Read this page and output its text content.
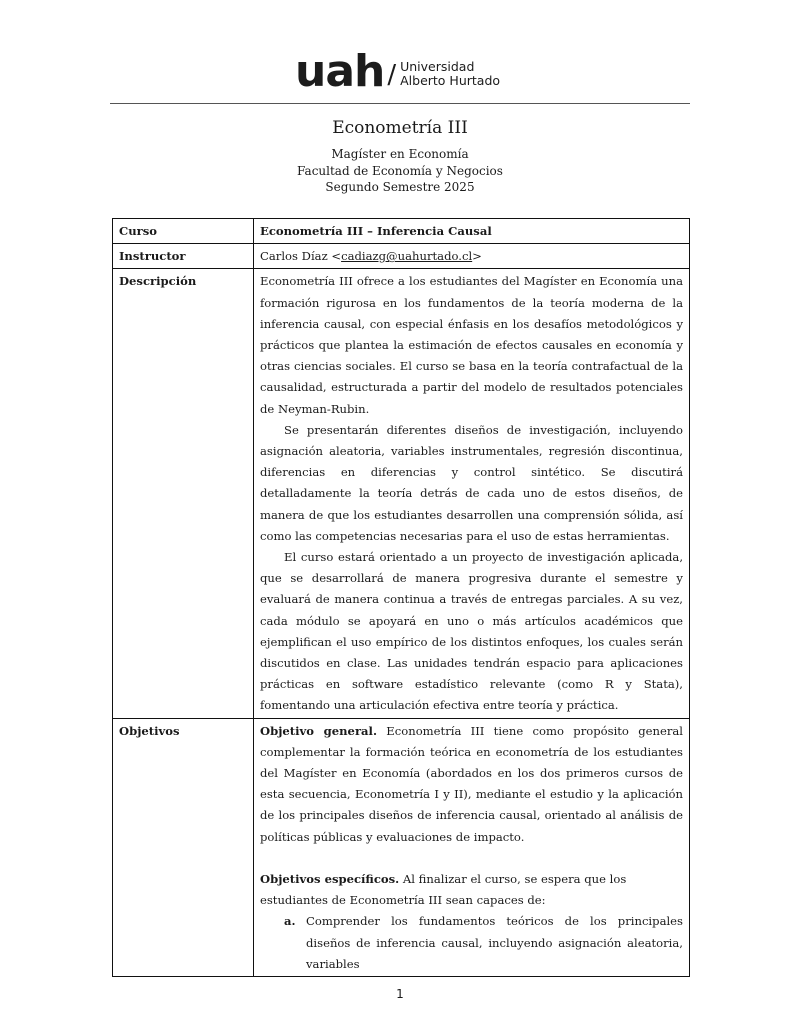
uah / Universidad
Alberto Hurtado
Econometría III
Magíster en Economía
Facultad de Economía y Negocios
Segundo Semestre 2025
Curso	Econometría III – Inferencia Causal
Instructor	Carlos Díaz <cadiazg@uahurtado.cl>
Descripción	Econometría III ofrece a los estudiantes del Magíster en Economía una formación rigurosa en los fundamentos de la teoría moderna de la inferencia causal, con especial énfasis en los desafíos metodológicos y prácticos que plantea la estimación de efectos causales en economía y otras ciencias sociales. El curso se basa en la teoría contrafactual de la causalidad, estructurada a partir del modelo de resultados potenciales de Neyman-Rubin.

Se presentarán diferentes diseños de investigación, incluyendo asignación aleatoria, variables instrumentales, regresión discontinua, diferencias en diferencias y control sintético. Se discutirá detalladamente la teoría detrás de cada uno de estos diseños, de manera de que los estudiantes desarrollen una comprensión sólida, así como las competencias necesarias para el uso de estas herramientas.

El curso estará orientado a un proyecto de investigación aplicada, que se desarrollará de manera progresiva durante el semestre y evaluará de manera continua a través de entregas parciales. A su vez, cada módulo se apoyará en uno o más artículos académicos que ejemplifican el uso empírico de los distintos enfoques, los cuales serán discutidos en clase. Las unidades tendrán espacio para aplicaciones prácticas en software estadístico relevante (como R y Stata), fomentando una articulación efectiva entre teoría y práctica.

Objetivos	Objetivo general. Econometría III tiene como propósito general complementar la formación teórica en econometría de los estudiantes del Magíster en Economía (abordados en los dos primeros cursos de esta secuencia, Econometría I y II), mediante el estudio y la aplicación de los principales diseños de inferencia causal, orientado al análisis de políticas públicas y evaluaciones de impacto.

Objetivos específicos. Al finalizar el curso, se espera que los estudiantes de Econometría III sean capaces de:

a. Comprender los fundamentos teóricos de los principales diseños de inferencia causal, incluyendo asignación aleatoria, variables
1
